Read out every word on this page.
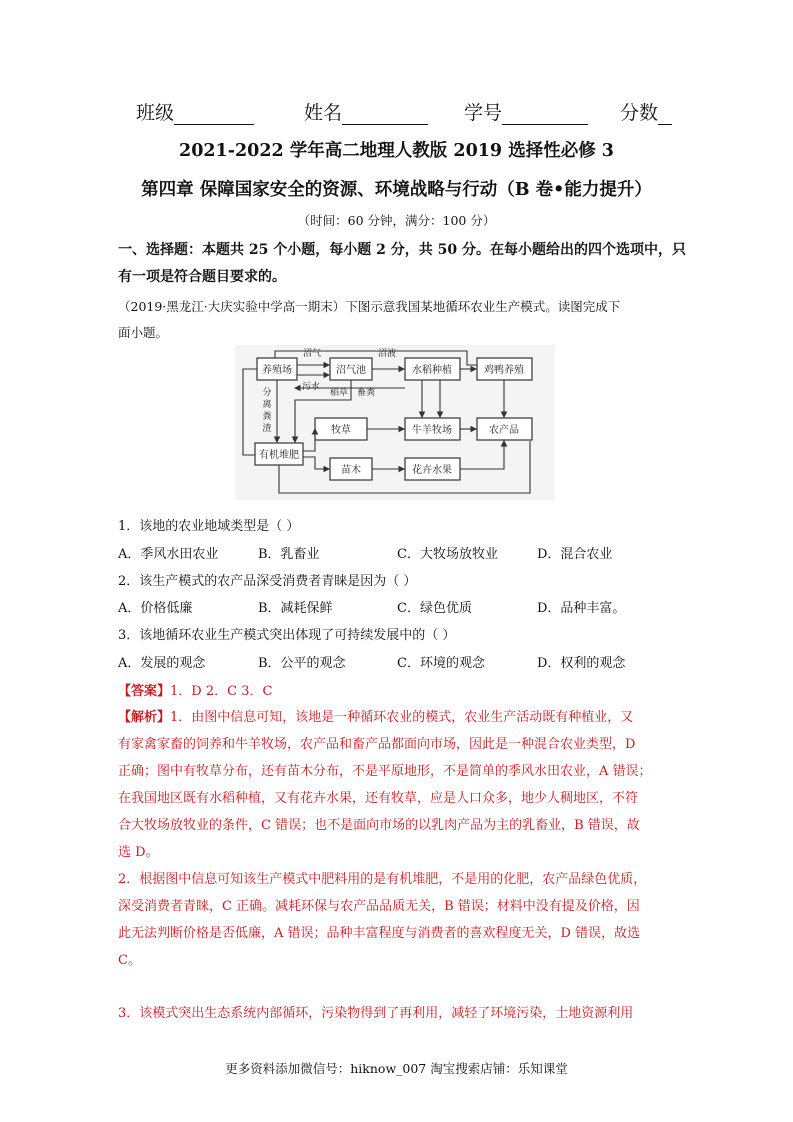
班级	姓名	学号	分数
2021-2022 学年高二地理人教版 2019 选择性必修 3
第四章 保障国家安全的资源、环境战略与行动（B 卷•能力提升）
（时间：60 分钟，满分：100 分）
一、选择题：本题共 25 个小题，每小题 2 分，共 50 分。在每小题给出的四个选项中，只
有一项是符合题目要求的。
（2019·黑龙江·大庆实验中学高一期末）下图示意我国某地循环农业生产模式。读图完成下
面小题。
养殖场	沼气池	水稻种植	鸡鸭养殖
牧草	牛羊牧场	农产品
有机堆肥
苗木	花卉水果
沼气
污水
沼液
稻草 畜粪
分
离
粪
渣
1．该地的农业地域类型是（ ）
A．季风水田农业	B．乳畜业	C．大牧场放牧业	D．混合农业
2．该生产模式的农产品深受消费者青睐是因为（ ）
A．价格低廉	B．减耗保鲜	C．绿色优质	D．品种丰富。
3．该地循环农业生产模式突出体现了可持续发展中的（ ）
A．发展的观念	B．公平的观念	C．环境的观念	D．权利的观念
【答案】1．D 2．C 3．C
【解析】1．由图中信息可知，该地是一种循环农业的模式，农业生产活动既有种植业，又
有家禽家畜的饲养和牛羊牧场，农产品和畜产品都面向市场，因此是一种混合农业类型，D
正确；图中有牧草分布，还有苗木分布，不是平原地形，不是简单的季风水田农业，A 错误；
在我国地区既有水稻种植，又有花卉水果，还有牧草，应是人口众多，地少人稠地区，不符
合大牧场放牧业的条件，C 错误；也不是面向市场的以乳肉产品为主的乳畜业，B 错误，故
选 D。
2．根据图中信息可知该生产模式中肥料用的是有机堆肥，不是用的化肥，农产品绿色优质，
深受消费者青睐，C 正确。减耗环保与农产品品质无关，B 错误；材料中没有提及价格，因
此无法判断价格是否低廉，A 错误；品种丰富程度与消费者的喜欢程度无关，D 错误，故选
C。
3．该模式突出生态系统内部循环，污染物得到了再利用，减轻了环境污染，土地资源利用
更多资料添加微信号：hiknow_007 淘宝搜索店铺：乐知课堂
